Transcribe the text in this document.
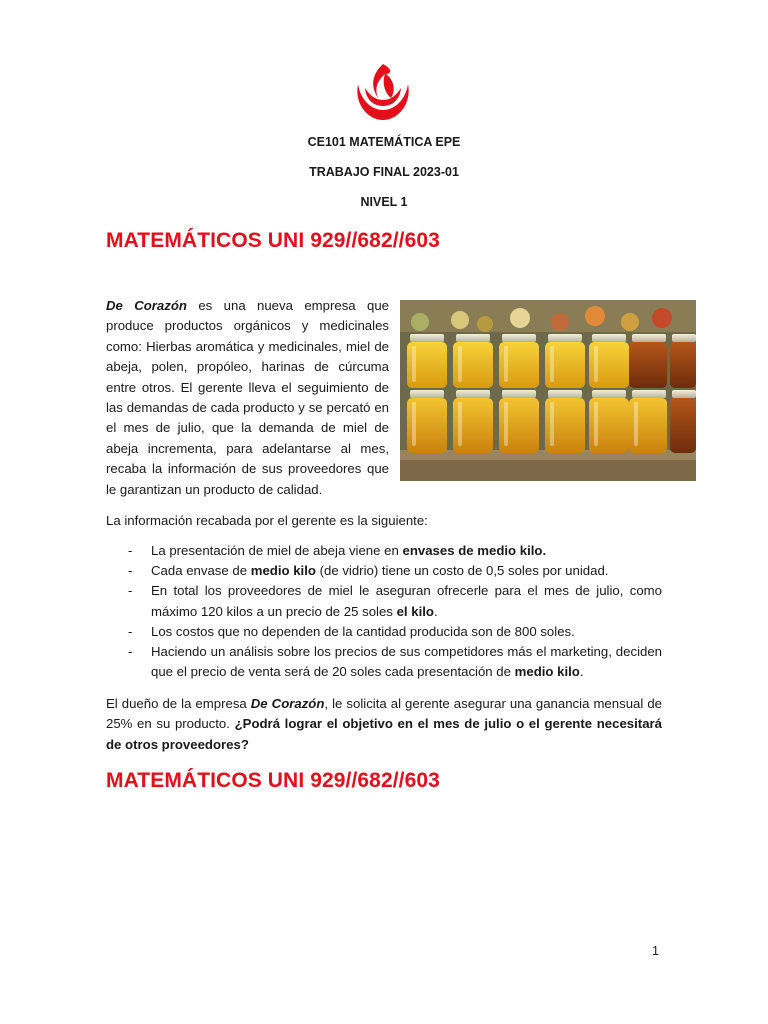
CE101 MATEMÁTICA EPE
TRABAJO FINAL 2023-01
NIVEL 1
MATEMÁTICOS UNI 929//682//603
De Corazón es una nueva empresa que produce productos orgánicos y medicinales como: Hierbas aromática y medicinales, miel de abeja, polen, propóleo, harinas de cúrcuma entre otros. El gerente lleva el seguimiento de las demandas de cada producto y se percató en el mes de julio, que la demanda de miel de abeja incrementa, para adelantarse al mes, recaba la información de sus proveedores que le garantizan un producto de calidad.
La información recabada por el gerente es la siguiente:
- La presentación de miel de abeja viene en envases de medio kilo.
- Cada envase de medio kilo (de vidrio) tiene un costo de 0,5 soles por unidad.
- En total los proveedores de miel le aseguran ofrecerle para el mes de julio, como máximo 120 kilos a un precio de 25 soles el kilo.
- Los costos que no dependen de la cantidad producida son de 800 soles.
- Haciendo un análisis sobre los precios de sus competidores más el marketing, deciden que el precio de venta será de 20 soles cada presentación de medio kilo.
El dueño de la empresa De Corazón, le solicita al gerente asegurar una ganancia mensual de 25% en su producto. ¿Podrá lograr el objetivo en el mes de julio o el gerente necesitará de otros proveedores?
MATEMÁTICOS UNI 929//682//603
1
